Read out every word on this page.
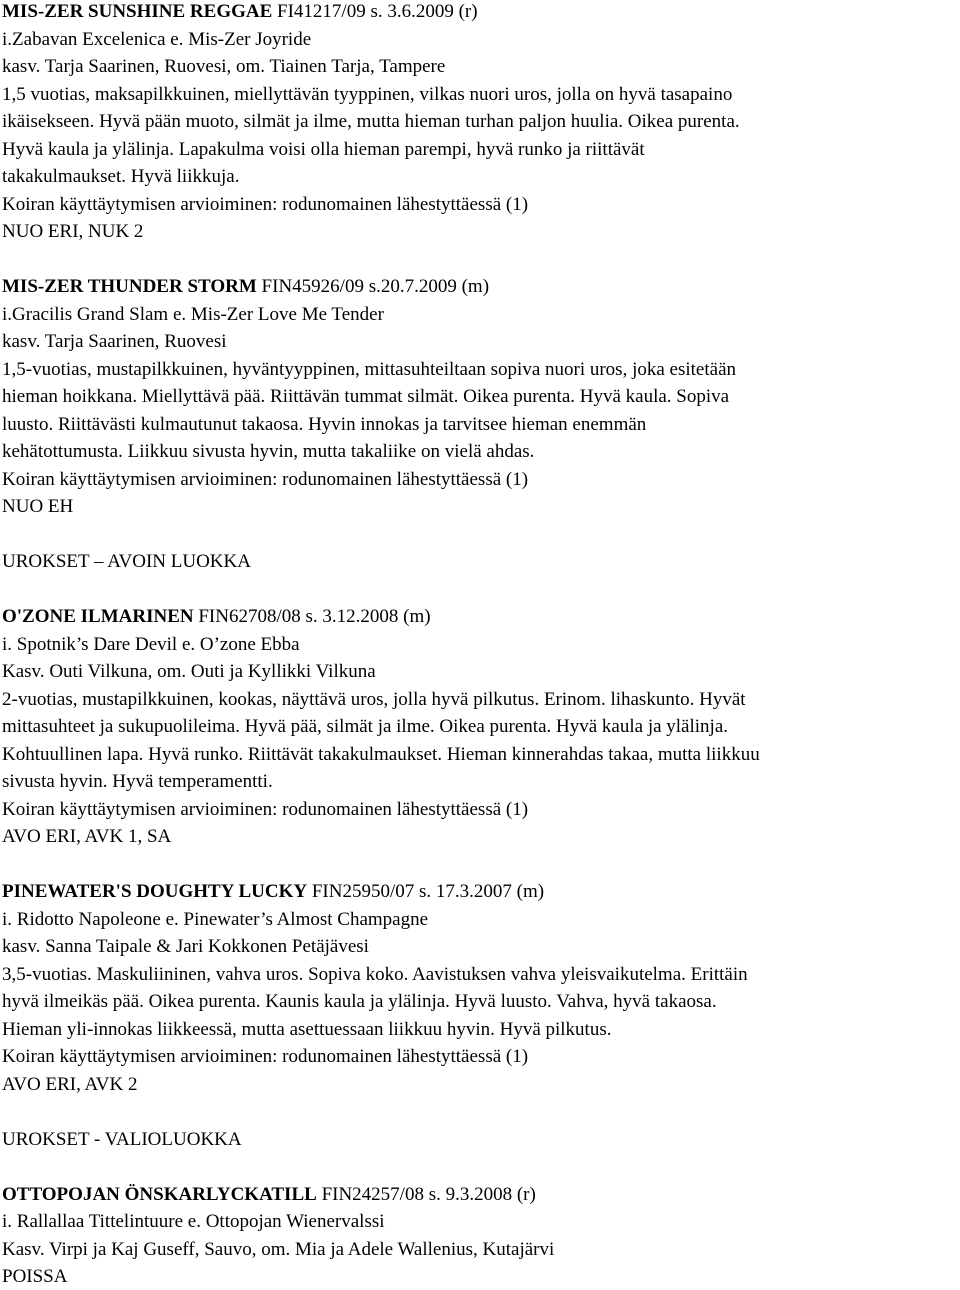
MIS-ZER SUNSHINE REGGAE FI41217/09 s. 3.6.2009 (r)
i.Zabavan Excelenica e. Mis-Zer Joyride
kasv. Tarja Saarinen, Ruovesi, om. Tiainen Tarja, Tampere
1,5 vuotias, maksapilkkuinen, miellyttävän tyyppinen, vilkas nuori uros, jolla on hyvä tasapaino
ikäisekseen. Hyvä pään muoto, silmät ja ilme, mutta hieman turhan paljon huulia. Oikea purenta.
Hyvä kaula ja ylälinja. Lapakulma voisi olla hieman parempi, hyvä runko ja riittävät
takakulmaukset. Hyvä liikkuja.
Koiran käyttäytymisen arvioiminen: rodunomainen lähestyttäessä (1)
NUO ERI, NUK 2
MIS-ZER THUNDER STORM FIN45926/09 s.20.7.2009 (m)
i.Gracilis Grand Slam e. Mis-Zer Love Me Tender
kasv. Tarja Saarinen, Ruovesi
1,5-vuotias, mustapilkkuinen, hyväntyyppinen, mittasuhteiltaan sopiva nuori uros, joka esitetään
hieman hoikkana. Miellyttävä pää. Riittävän tummat silmät. Oikea purenta. Hyvä kaula. Sopiva
luusto. Riittävästi kulmautunut takaosa. Hyvin innokas ja tarvitsee hieman enemmän
kehätottumusta. Liikkuu sivusta hyvin, mutta takaliike on vielä ahdas.
Koiran käyttäytymisen arvioiminen: rodunomainen lähestyttäessä (1)
NUO EH
UROKSET – AVOIN LUOKKA
O'ZONE ILMARINEN FIN62708/08 s. 3.12.2008 (m)
i. Spotnik’s Dare Devil e. O’zone Ebba
Kasv. Outi Vilkuna, om. Outi ja Kyllikki Vilkuna
2-vuotias, mustapilkkuinen, kookas, näyttävä uros, jolla hyvä pilkutus. Erinom. lihaskunto. Hyvät
mittasuhteet ja sukupuolileima. Hyvä pää, silmät ja ilme. Oikea purenta. Hyvä kaula ja ylälinja.
Kohtuullinen lapa. Hyvä runko. Riittävät takakulmaukset. Hieman kinnerahdas takaa, mutta liikkuu
sivusta hyvin. Hyvä temperamentti.
Koiran käyttäytymisen arvioiminen: rodunomainen lähestyttäessä (1)
AVO ERI, AVK 1, SA
PINEWATER'S DOUGHTY LUCKY FIN25950/07 s. 17.3.2007 (m)
i. Ridotto Napoleone e. Pinewater’s Almost Champagne
kasv. Sanna Taipale & Jari Kokkonen Petäjävesi
3,5-vuotias. Maskuliininen, vahva uros. Sopiva koko. Aavistuksen vahva yleisvaikutelma. Erittäin
hyvä ilmeikäs pää. Oikea purenta. Kaunis kaula ja ylälinja. Hyvä luusto. Vahva, hyvä takaosa.
Hieman yli-innokas liikkeessä, mutta asettuessaan liikkuu hyvin. Hyvä pilkutus.
Koiran käyttäytymisen arvioiminen: rodunomainen lähestyttäessä (1)
AVO ERI, AVK 2
UROKSET - VALIOLUOKKA
OTTOPOJAN ÖNSKARLYCKATILL FIN24257/08 s. 9.3.2008 (r)
i. Rallallaa Tittelintuure e. Ottopojan Wienervalssi
Kasv. Virpi ja Kaj Guseff, Sauvo, om. Mia ja Adele Wallenius, Kutajärvi
POISSA
